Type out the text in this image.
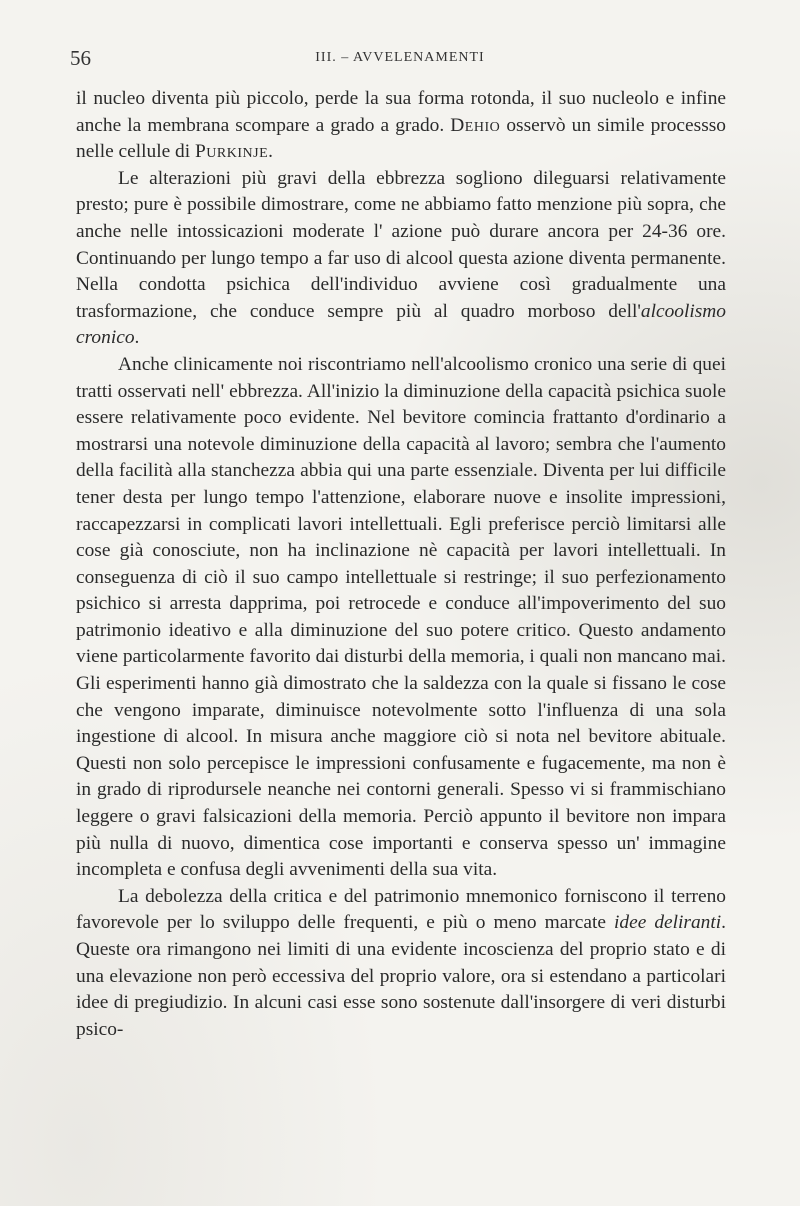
56	III. – AVVELENAMENTI

il nucleo diventa più piccolo, perde la sua forma rotonda, il suo nucleolo e infine anche la membrana scompare a grado a grado. Dehio osservò un simile processso nelle cellule di Purkinje.

Le alterazioni più gravi della ebbrezza sogliono dileguarsi relativamente presto; pure è possibile dimostrare, come ne abbiamo fatto menzione più sopra, che anche nelle intossicazioni moderate l' azione può durare ancora per 24-36 ore. Continuando per lungo tempo a far uso di alcool questa azione diventa permanente. Nella condotta psichica dell'individuo avviene così gradualmente una trasformazione, che conduce sempre più al quadro morboso dell'alcoolismo cronico.

Anche clinicamente noi riscontriamo nell'alcoolismo cronico una serie di quei tratti osservati nell' ebbrezza. All'inizio la diminuzione della capacità psichica suole essere relativamente poco evidente. Nel bevitore comincia frattanto d'ordinario a mostrarsi una notevole diminuzione della capacità al lavoro; sembra che l'aumento della facilità alla stanchezza abbia qui una parte essenziale. Diventa per lui difficile tener desta per lungo tempo l'attenzione, elaborare nuove e insolite impressioni, raccapezzarsi in complicati lavori intellettuali. Egli preferisce perciò limitarsi alle cose già conosciute, non ha inclinazione nè capacità per lavori intellettuali. In conseguenza di ciò il suo campo intellettuale si restringe; il suo perfezionamento psichico si arresta dapprima, poi retrocede e conduce all'impoverimento del suo patrimonio ideativo e alla diminuzione del suo potere critico. Questo andamento viene particolarmente favorito dai disturbi della memoria, i quali non mancano mai. Gli esperimenti hanno già dimostrato che la saldezza con la quale si fissano le cose che vengono imparate, diminuisce notevolmente sotto l'influenza di una sola ingestione di alcool. In misura anche maggiore ciò si nota nel bevitore abituale. Questi non solo percepisce le impressioni confusamente e fugacemente, ma non è in grado di riprodursele neanche nei contorni generali. Spesso vi si frammischiano leggere o gravi falsicazioni della memoria. Perciò appunto il bevitore non impara più nulla di nuovo, dimentica cose importanti e conserva spesso un' immagine incompleta e confusa degli avvenimenti della sua vita.

La debolezza della critica e del patrimonio mnemonico forniscono il terreno favorevole per lo sviluppo delle frequenti, e più o meno marcate idee deliranti. Queste ora rimangono nei limiti di una evidente incoscienza del proprio stato e di una elevazione non però eccessiva del proprio valore, ora si estendano a particolari idee di pregiudizio. In alcuni casi esse sono sostenute dall'insorgere di veri disturbi psico-
